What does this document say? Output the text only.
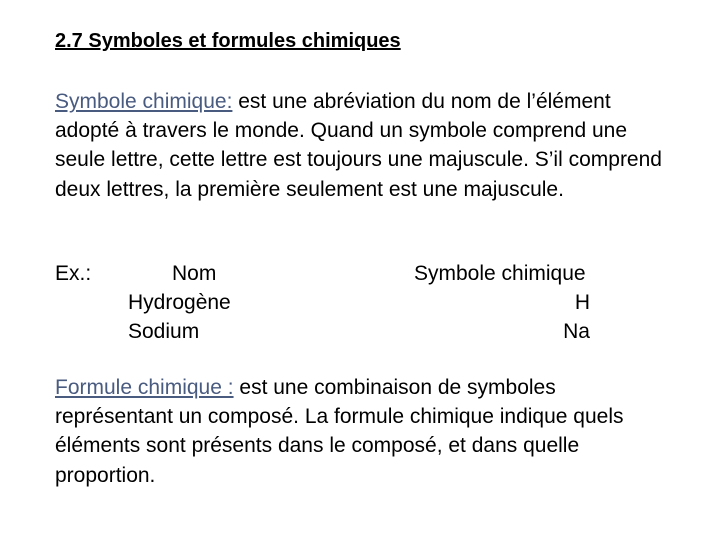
2.7 Symboles et formules chimiques

Symbole chimique: est une abréviation du nom de l’élément adopté à travers le monde. Quand un symbole comprend une seule lettre, cette lettre est toujours une majuscule. S’il comprend deux lettres, la première seulement est une majuscule.

Ex.:	Nom
Hydrogène
Sodium
Symbole chimique
H
Na

Formule chimique : est une combinaison de symboles représentant un composé. La formule chimique indique quels éléments sont présents dans le composé, et dans quelle proportion.
